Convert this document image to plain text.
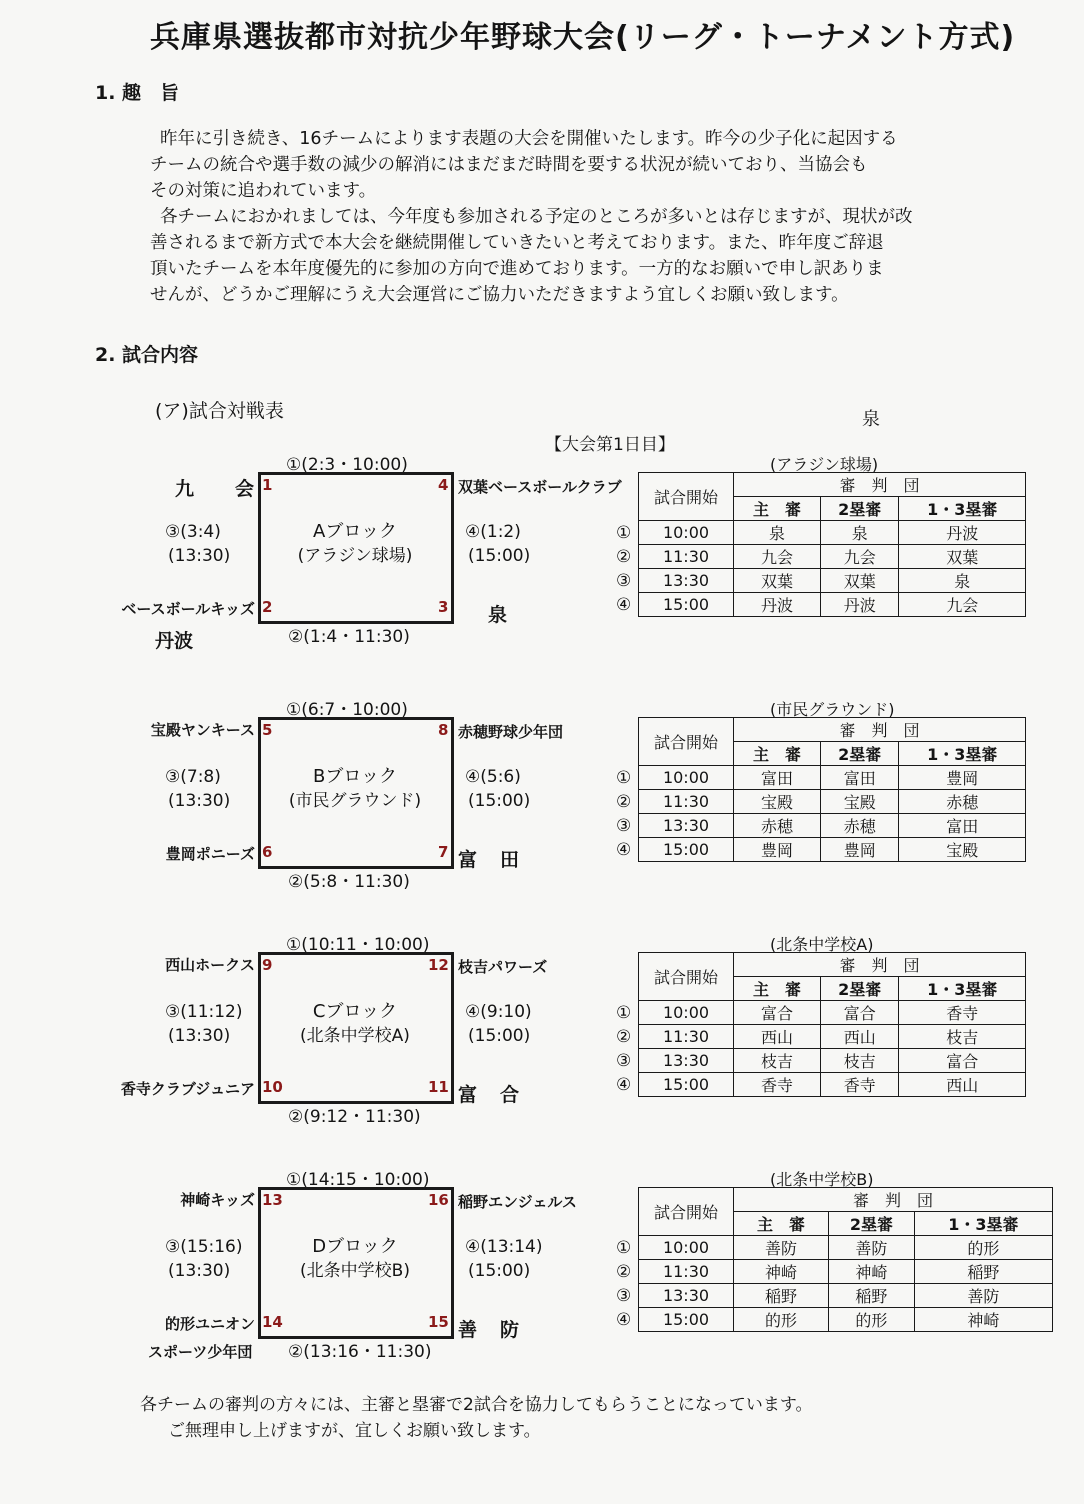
兵庫県選抜都市対抗少年野球大会(リーグ・トーナメント方式)
1. 趣　旨
昨年に引き続き、16チームによります表題の大会を開催いたします。昨今の少子化に起因する
チームの統合や選手数の減少の解消にはまだまだ時間を要する状況が続いており、当協会も
その対策に追われています。
各チームにおかれましては、今年度も参加される予定のところが多いとは存じますが、現状が改
善されるまで新方式で本大会を継続開催していきたいと考えております。また、昨年度ご辞退
頂いたチームを本年度優先的に参加の方向で進めております。一方的なお願いで申し訳ありま
せんが、どうかご理解にうえ大会運営にご協力いただきますよう宜しくお願い致します。
2. 試合内容
(ア)試合対戦表	泉
【大会第1日目】
①(2:3・10:00)
1
2	3
4
Aブロック
(アラジン球場)
②(1:4・11:30)
③(3:4)
(13:30)
④(1:2)
(15:00)
九　　会
ベースボールキッズ
丹波
双葉ベースボールクラブ
泉
(アラジン球場)
試合開始	審　判　団		
	主　審	2塁審	1・3塁審
10:00	泉	泉	丹波
11:30	九会	九会	双葉
13:30	双葉	双葉	泉
15:00	丹波	丹波	九会
①
②
③
④
①(6:7・10:00)
5
6	7
8
Bブロック
(市民グラウンド)
②(5:8・11:30)
③(7:8)
(13:30)
④(5:6)
(15:00)
宝殿ヤンキース
豊岡ポニーズ
赤穂野球少年団
富　田
(市民グラウンド)
試合開始	審　判　団		
	主　審	2塁審	1・3塁審
10:00	富田	富田	豊岡
11:30	宝殿	宝殿	赤穂
13:30	赤穂	赤穂	富田
15:00	豊岡	豊岡	宝殿
①
②
③
④
①(10:11・10:00)
9
10	11
12
Cブロック
(北条中学校A)
②(9:12・11:30)
③(11:12)
(13:30)
④(9:10)
(15:00)
西山ホークス
香寺クラブジュニア
枝吉パワーズ
富　合
(北条中学校A)
試合開始	審　判　団		
	主　審	2塁審	1・3塁審
10:00	富合	富合	香寺
11:30	西山	西山	枝吉
13:30	枝吉	枝吉	富合
15:00	香寺	香寺	西山
①
②
③
④
①(14:15・10:00)
13
14	15
16
Dブロック
(北条中学校B)
②(13:16・11:30)
③(15:16)
(13:30)
④(13:14)
(15:00)
神崎キッズ
的形ユニオン
スポーツ少年団
稲野エンジェルス
善　防
(北条中学校B)
試合開始	審　判　団		
	主　審	2塁審	1・3塁審
10:00	善防	善防	的形
11:30	神崎	神崎	稲野
13:30	稲野	稲野	善防
15:00	的形	的形	神崎
①
②
③
④
各チームの審判の方々には、主審と塁審で2試合を協力してもらうことになっています。
ご無理申し上げますが、宜しくお願い致します。
